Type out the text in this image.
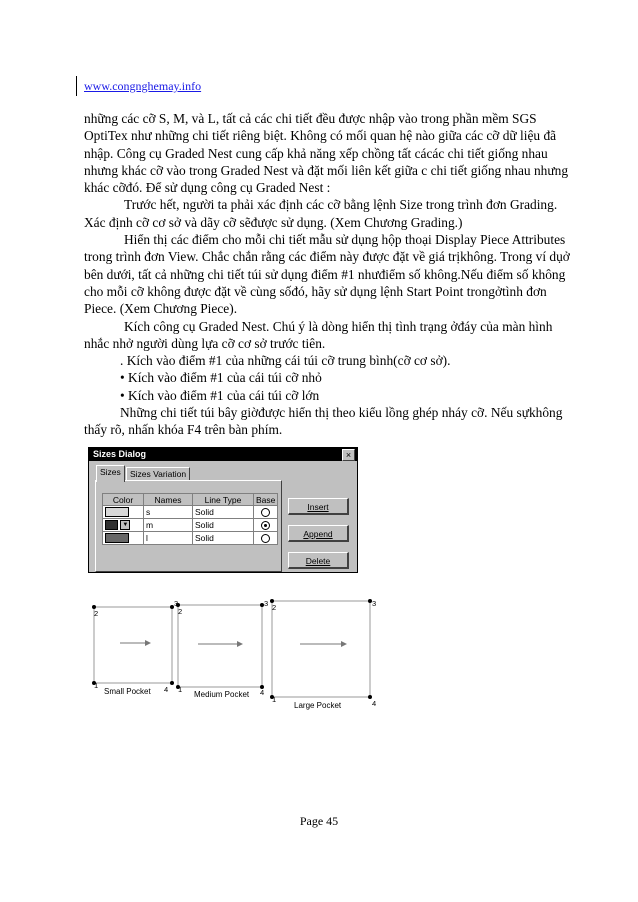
www.congnghemay.info

những các cỡ S, M, và L, tất cả các chi tiết đều được nhập vào trong phần mềm SGS OptiTex như những chi tiết riêng biệt. Không có mối quan hệ nào giữa các cỡ dữ liệu đã nhập. Công cụ Graded Nest cung cấp khả năng xếp chồng tất cácác chi tiết giống nhau nhưng khác cỡ vào trong Graded Nest và đặt mối liên kết giữa c chi tiết giống nhau nhưng khác cỡđó. Để sử dụng công cụ Graded Nest :

Trước hết, người ta phải xác định các cỡ bằng lệnh Size trong trình đơn Grading. Xác định cỡ cơ sở và dãy cỡ sẽđược sử dụng. (Xem Chương Grading.)

Hiển thị các điểm cho mỗi chi tiết mẫu sử dụng hộp thoại Display Piece Attributes trong trình đơn View. Chắc chắn rằng các điểm này được đặt về giá trịkhông. Trong ví dụở bên dưới, tất cả những chi tiết túi sử dụng điểm #1 nhưđiểm số không.Nếu điểm số không cho mỗi cỡ không được đặt về cùng sốđó, hãy sử dụng lệnh Start Point trongởtình đơn Piece. (Xem Chương Piece).

Kích công cụ Graded Nest. Chú ý là dòng hiển thị tình trạng ởđáy của màn hình nhắc nhở người dùng lựa cỡ cơ sở trước tiên.

. Kích vào điểm #1 của những cái túi cỡ trung bình(cỡ cơ sở).

• Kích vào điểm #1 của cái túi cỡ nhỏ

• Kích vào điểm #1 của cái túi cỡ lớn

Những chi tiết túi bây giờđược hiển thị theo kiểu lồng ghép nháy cỡ. Nếu sựkhông thấy rõ, nhấn khóa F4 trên bàn phím.

Sizes Dialog	×
Sizes	Sizes Variation
Color	Names	Line Type	Base
	s	Solid	
▼	m	Solid	
	l	Solid	
Insert
Append
Delete
2
3
1	4
Small Pocket
2
3
1	4
Medium Pocket
2	3
1	4
Large Pocket
Page 45
